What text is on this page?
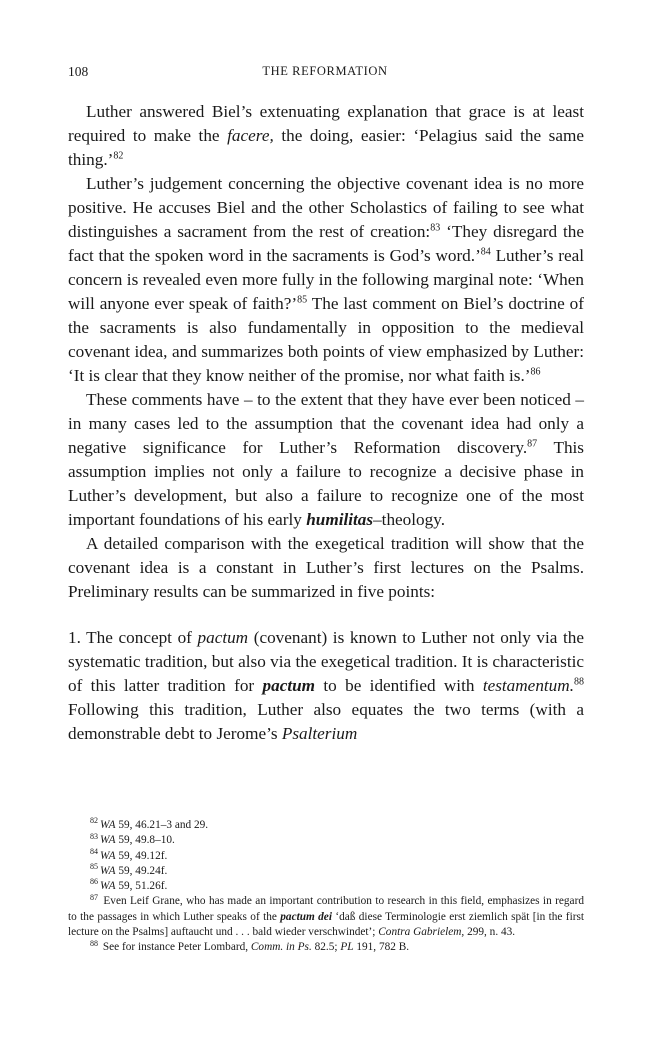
108	THE REFORMATION

Luther answered Biel’s extenuating explanation that grace is at least required to make the facere, the doing, easier: ‘Pelagius said the same thing.’$^{82}$

Luther’s judgement concerning the objective covenant idea is no more positive. He accuses Biel and the other Scholastics of failing to see what distinguishes a sacrament from the rest of creation:$^{83}$ ‘They disregard the fact that the spoken word in the sacraments is God’s word.’$^{84}$ Luther’s real concern is revealed even more fully in the following marginal note: ‘When will anyone ever speak of faith?’$^{85}$ The last comment on Biel’s doctrine of the sacraments is also fundamentally in opposition to the medieval covenant idea, and summarizes both points of view emphasized by Luther: ‘It is clear that they know neither of the promise, nor what faith is.’$^{86}$

These comments have – to the extent that they have ever been noticed – in many cases led to the assumption that the covenant idea had only a negative significance for Luther’s Reformation discovery.$^{87}$ This assumption implies not only a failure to recognize a decisive phase in Luther’s development, but also a failure to recognize one of the most important foundations of his early humilitas–theology.

A detailed comparison with the exegetical tradition will show that the covenant idea is a constant in Luther’s first lectures on the Psalms. Preliminary results can be summarized in five points:

1. The concept of pactum (covenant) is known to Luther not only via the systematic tradition, but also via the exegetical tradition. It is characteristic of this latter tradition for pactum to be identified with testamentum.$^{88}$ Following this tradition, Luther also equates the two terms (with a demonstrable debt to Jerome’s Psalterium

$^{82}$ WA 59, 46.21–3 and 29.

$^{83}$ WA 59, 49.8–10.

$^{84}$ WA 59, 49.12f.

$^{85}$ WA 59, 49.24f.

$^{86}$ WA 59, 51.26f.

$^{87}$ Even Leif Grane, who has made an important contribution to research in this field, emphasizes in regard to the passages in which Luther speaks of the pactum dei ‘daß diese Terminologie erst ziemlich spät [in the first lecture on the Psalms] auftaucht und . . . bald wieder verschwindet’; Contra Gabrielem, 299, n. 43.

$^{88}$ See for instance Peter Lombard, Comm. in Ps. 82.5; PL 191, 782 B.
